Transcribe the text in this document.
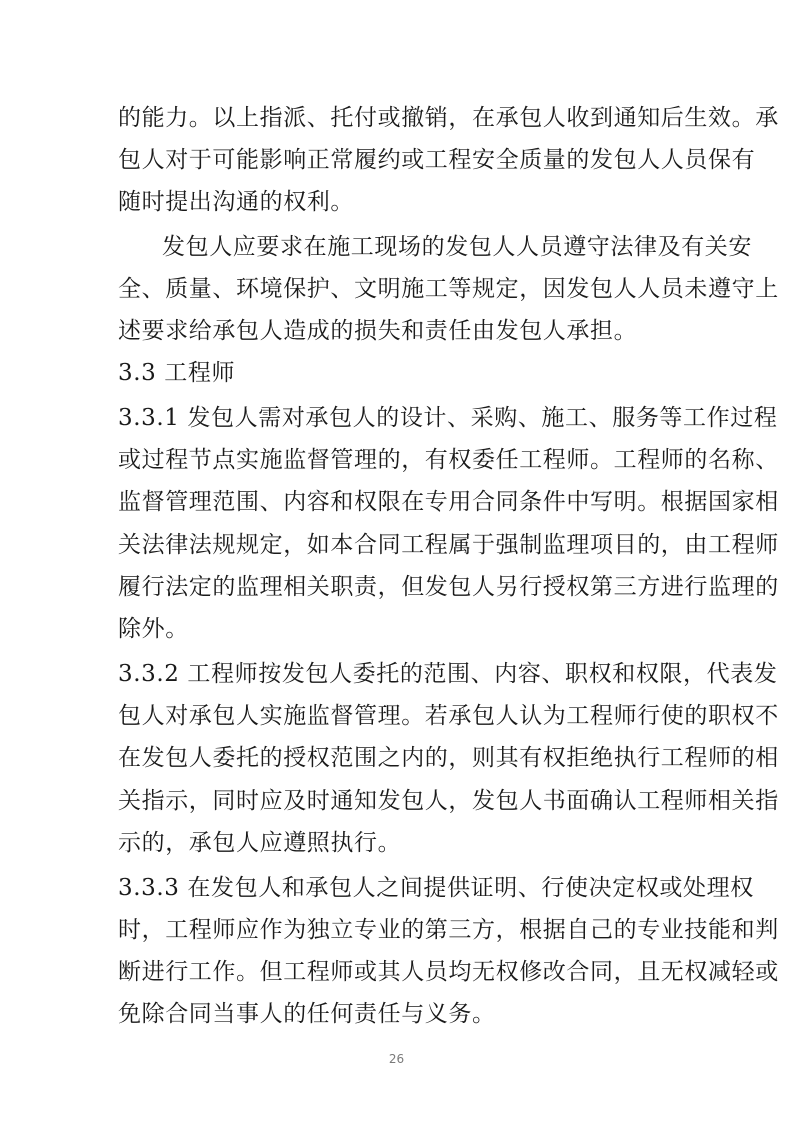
的能力。以上指派、托付或撤销，在承包人收到通知后生效。承
包人对于可能影响正常履约或工程安全质量的发包人人员保有
随时提出沟通的权利。
发包人应要求在施工现场的发包人人员遵守法律及有关安
全、质量、环境保护、文明施工等规定，因发包人人员未遵守上
述要求给承包人造成的损失和责任由发包人承担。
3.3 工程师
3.3.1 发包人需对承包人的设计、采购、施工、服务等工作过程
或过程节点实施监督管理的，有权委任工程师。工程师的名称、
监督管理范围、内容和权限在专用合同条件中写明。根据国家相
关法律法规规定，如本合同工程属于强制监理项目的，由工程师
履行法定的监理相关职责，但发包人另行授权第三方进行监理的
除外。
3.3.2 工程师按发包人委托的范围、内容、职权和权限，代表发
包人对承包人实施监督管理。若承包人认为工程师行使的职权不
在发包人委托的授权范围之内的，则其有权拒绝执行工程师的相
关指示，同时应及时通知发包人，发包人书面确认工程师相关指
示的，承包人应遵照执行。
3.3.3 在发包人和承包人之间提供证明、行使决定权或处理权
时，工程师应作为独立专业的第三方，根据自己的专业技能和判
断进行工作。但工程师或其人员均无权修改合同，且无权减轻或
免除合同当事人的任何责任与义务。
26
